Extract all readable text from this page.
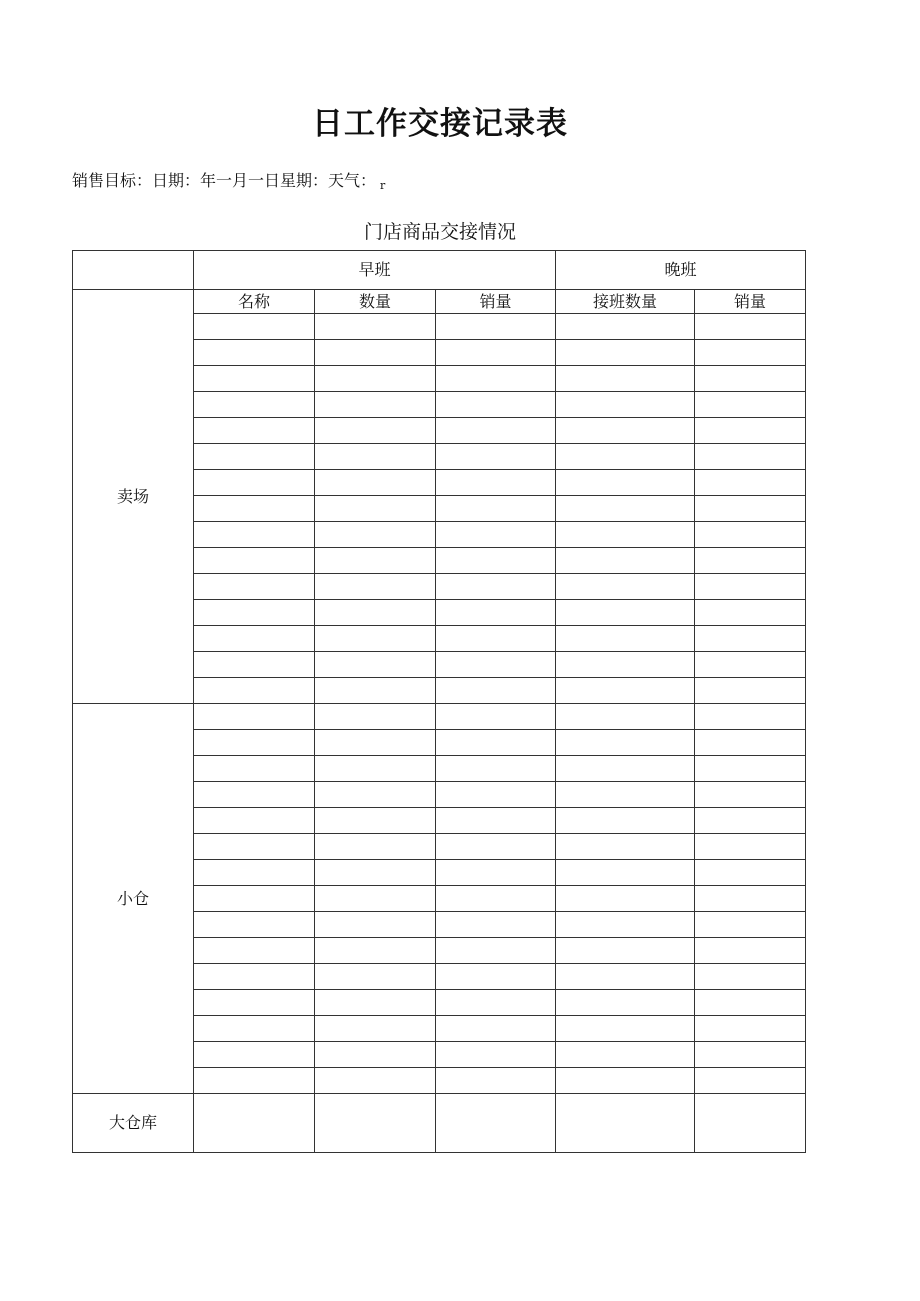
日工作交接记录表
销售目标：日期：年一月一日星期：天气： r
门店商品交接情况
	早班			晚班	
卖场	名称	数量	销量	接班数量	销量

小仓					

大仓库					
